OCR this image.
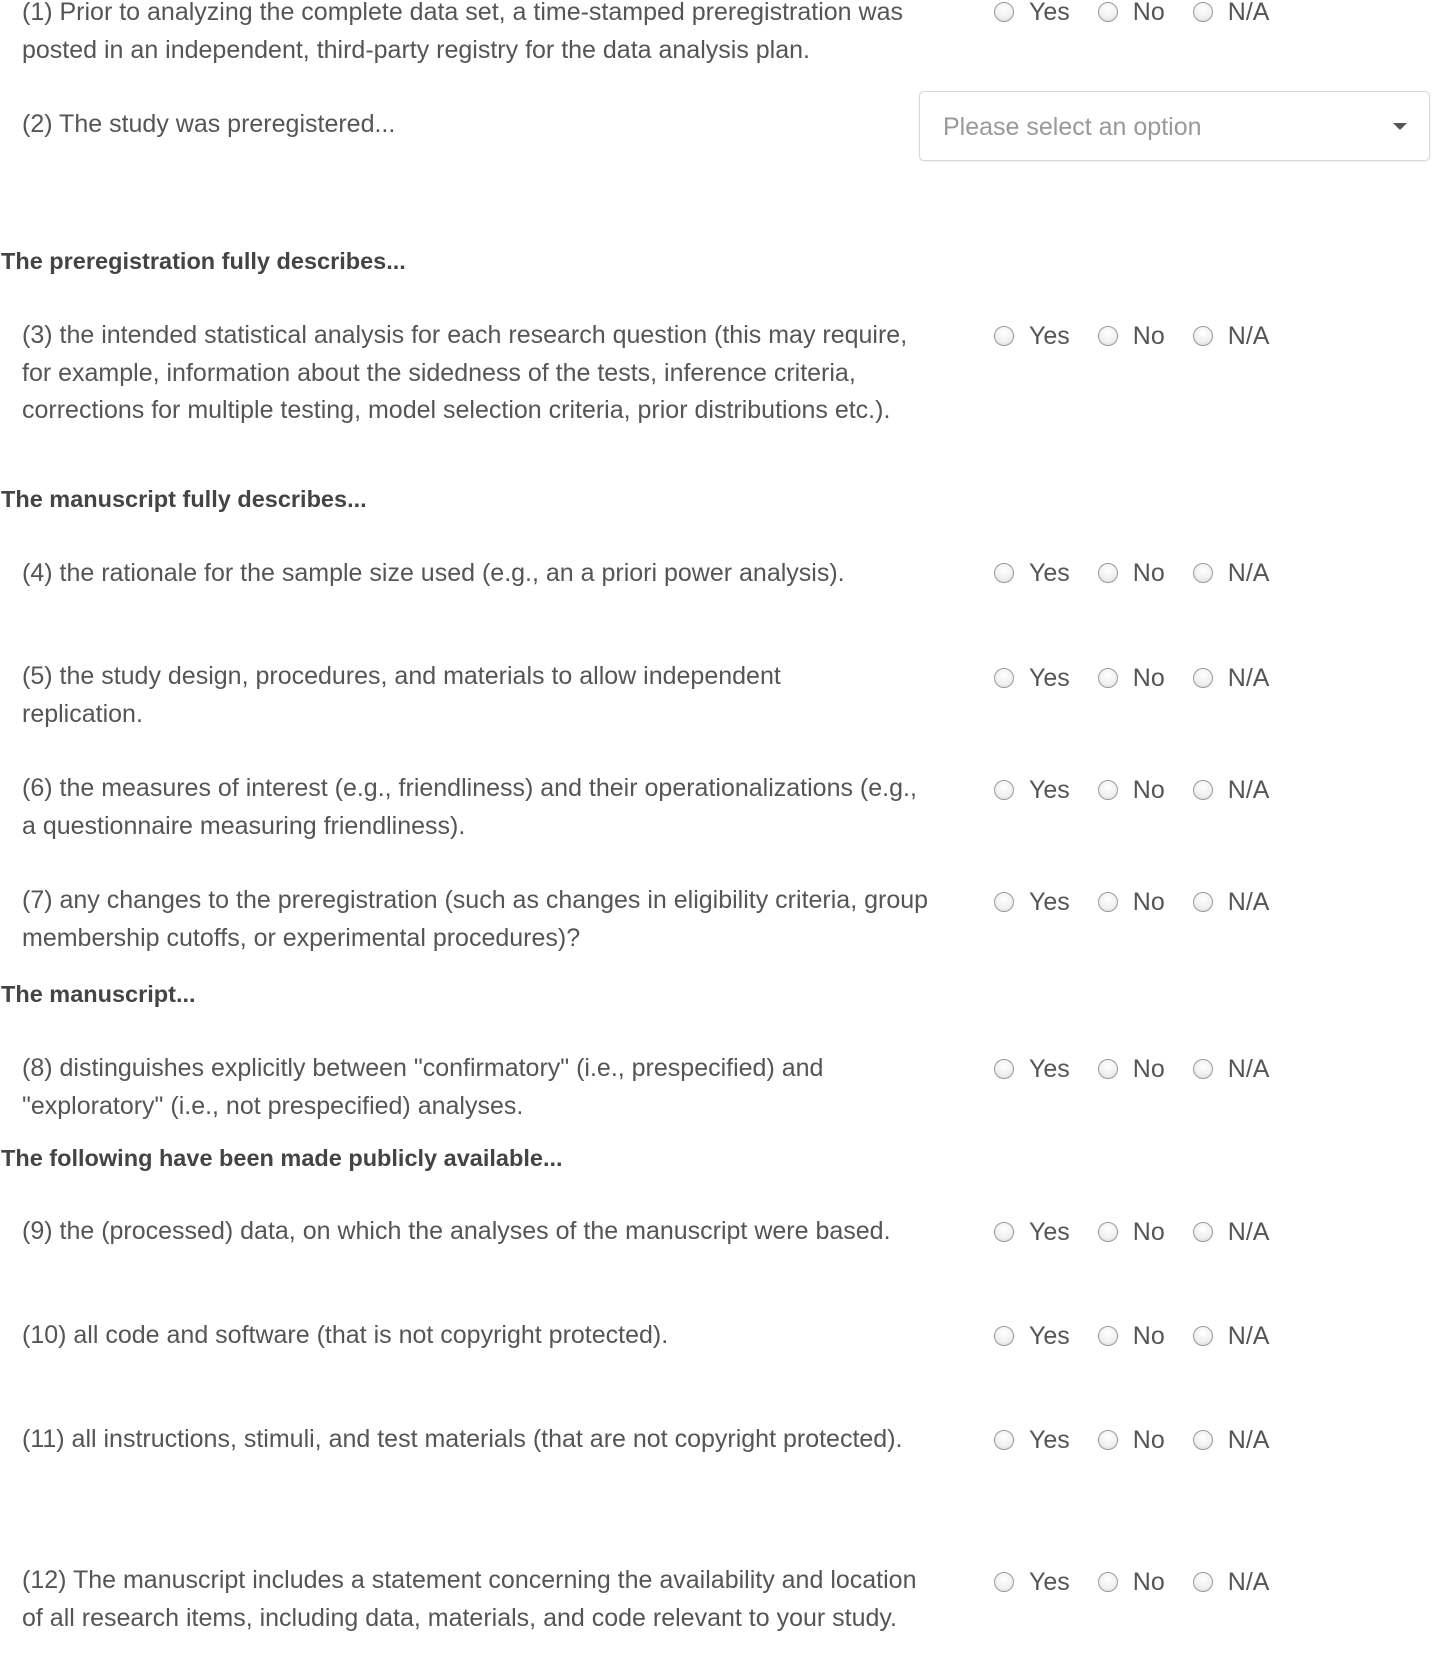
(1) Prior to analyzing the complete data set, a time-stamped preregistration was posted in an independent, third-party registry for the data analysis plan.
Yes	No	N/A
(2) The study was preregistered...	Please select an option
The preregistration fully describes...
(3) the intended statistical analysis for each research question (this may require, for example, information about the sidedness of the tests, inference criteria, corrections for multiple testing, model selection criteria, prior distributions etc.).
Yes	No	N/A
The manuscript fully describes...
(4) the rationale for the sample size used (e.g., an a priori power analysis).	Yes	No	N/A
(5) the study design, procedures, and materials to allow independent replication.
Yes	No	N/A
(6) the measures of interest (e.g., friendliness) and their operationalizations (e.g., a questionnaire measuring friendliness).
Yes	No	N/A
(7) any changes to the preregistration (such as changes in eligibility criteria, group membership cutoffs, or experimental procedures)?
Yes	No	N/A
The manuscript...
(8) distinguishes explicitly between "confirmatory" (i.e., prespecified) and "exploratory" (i.e., not prespecified) analyses.
Yes	No	N/A
The following have been made publicly available...
(9) the (processed) data, on which the analyses of the manuscript were based.	Yes	No	N/A
(10) all code and software (that is not copyright protected).	Yes	No	N/A
(11) all instructions, stimuli, and test materials (that are not copyright protected).	Yes	No	N/A
(12) The manuscript includes a statement concerning the availability and location of all research items, including data, materials, and code relevant to your study.
Yes	No	N/A
